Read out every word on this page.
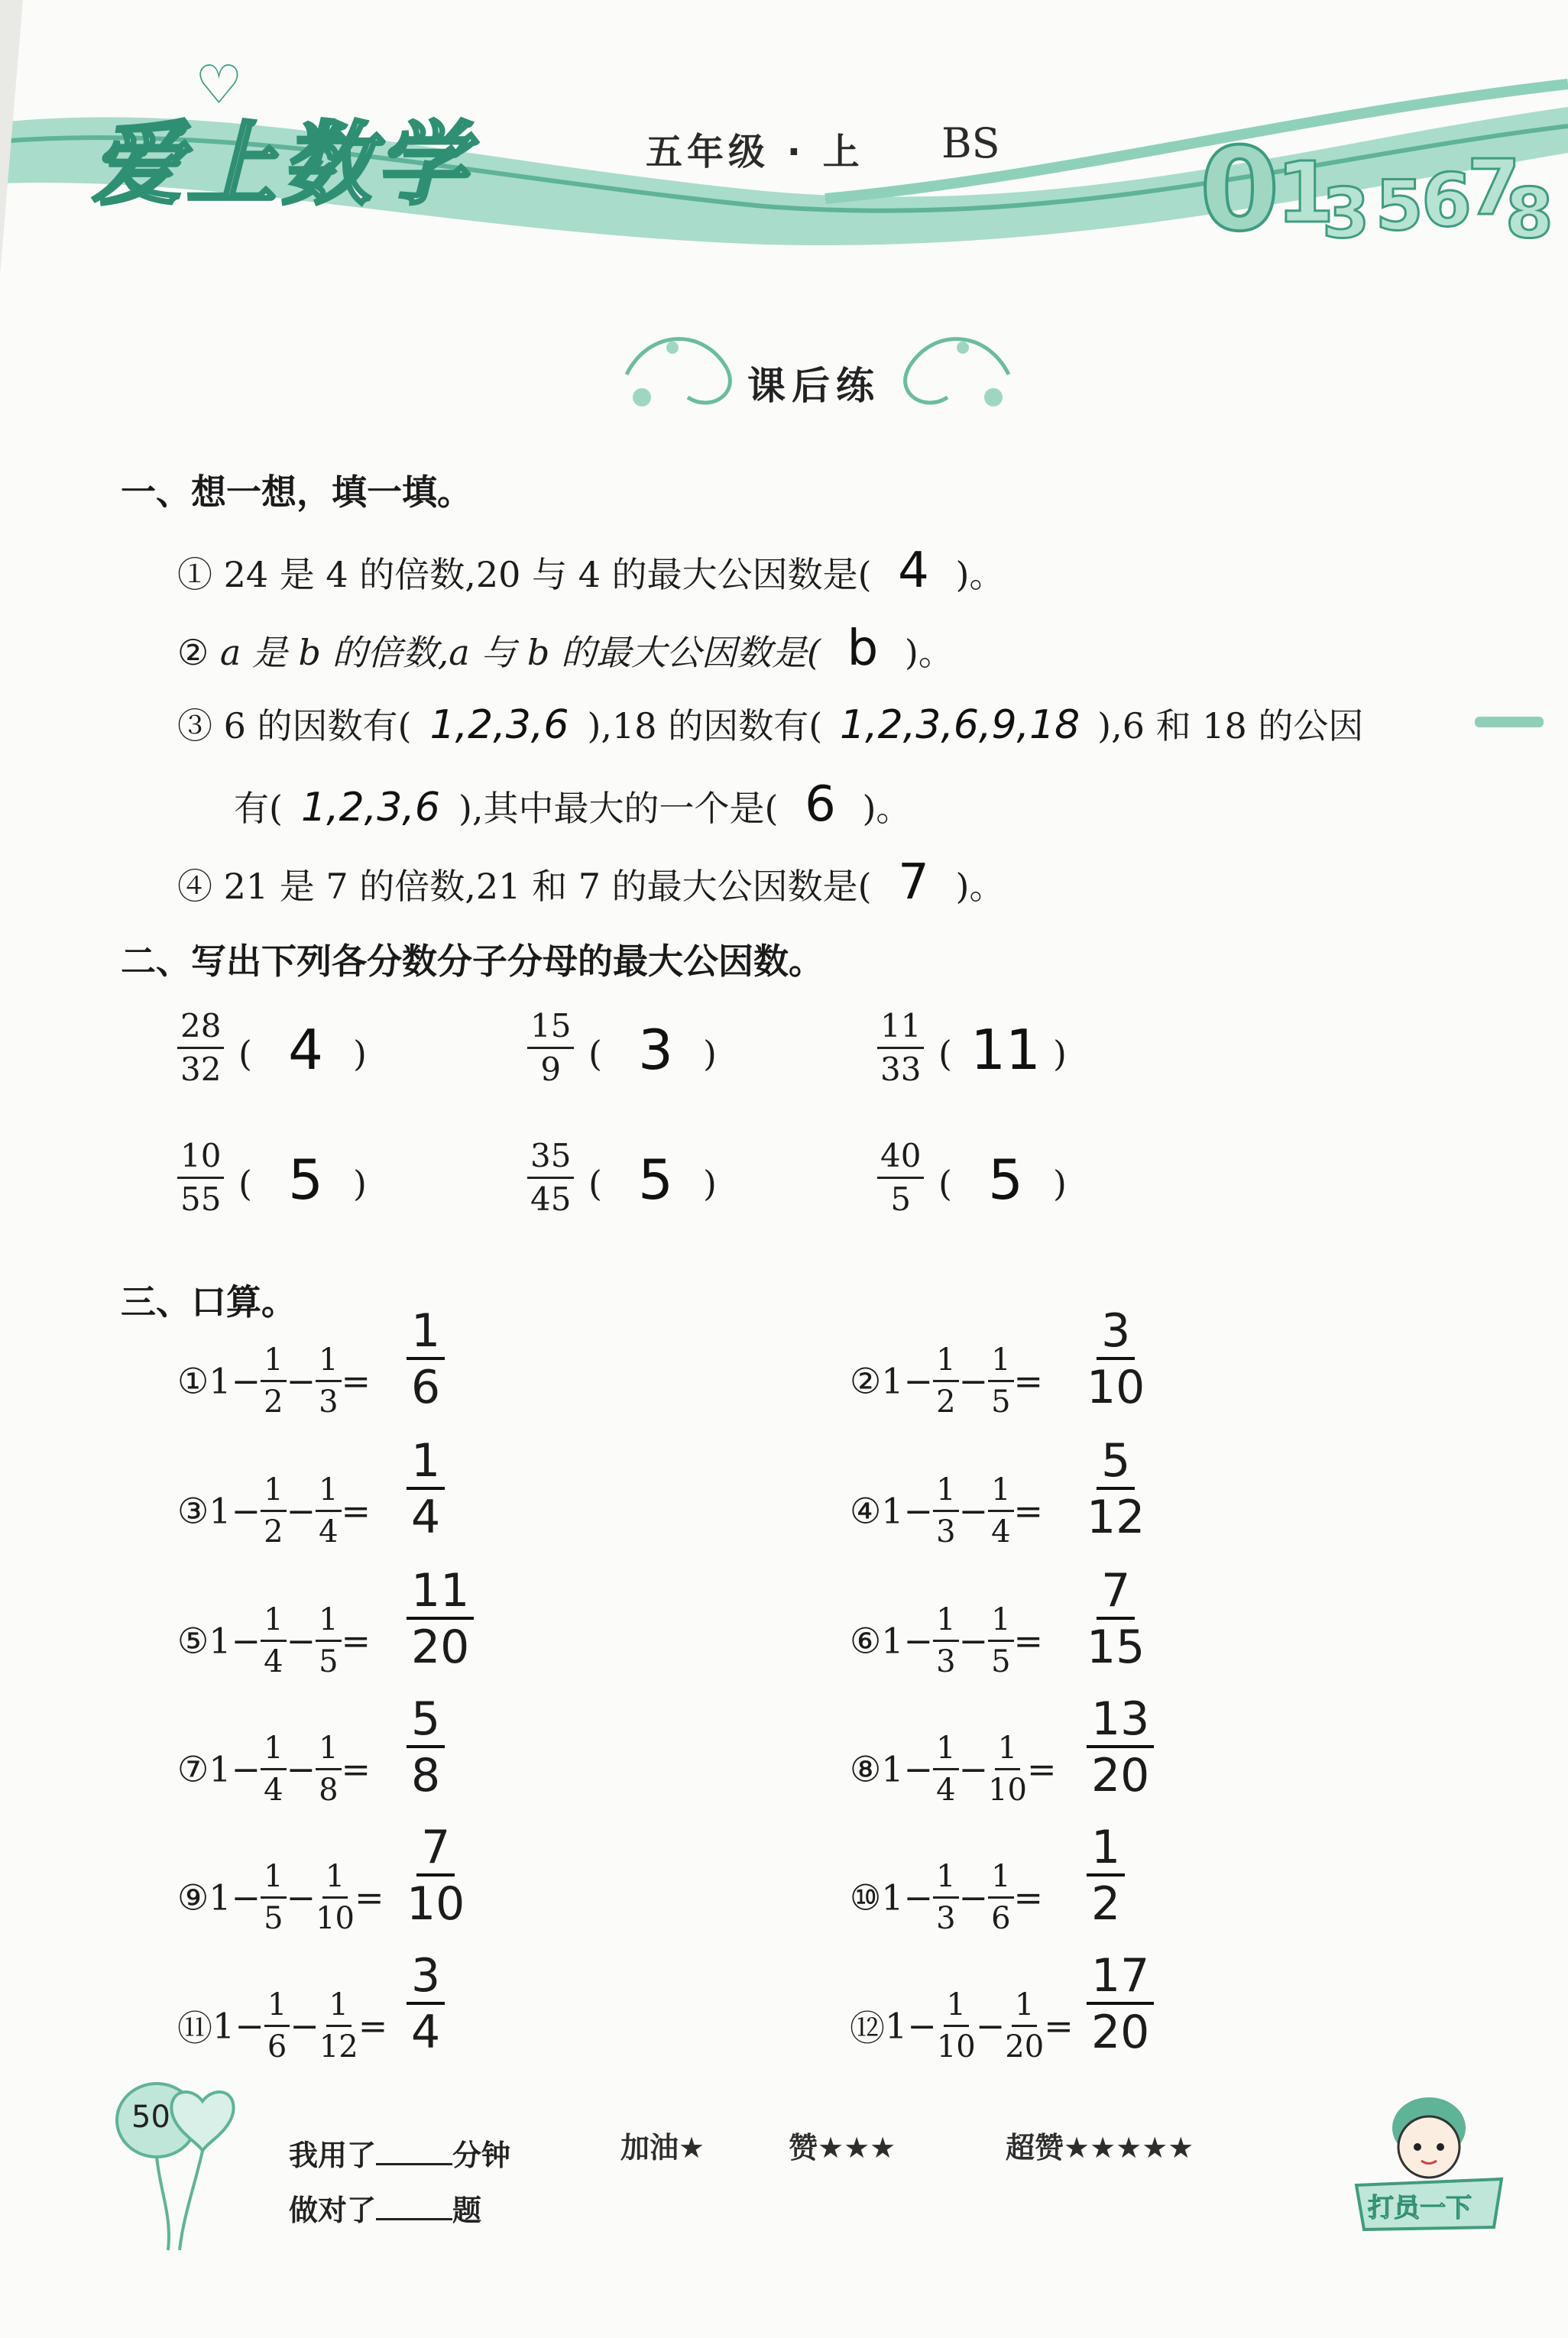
爱上数学
♡
五年级 · 上 BS 0
1
3 5
6
7
8
课后练
一、想一想，填一填。
① 24 是 4 的倍数,20 与 4 的最大公因数是( 4 )。
② a 是 b 的倍数,a 与 b 的最大公因数是( b )。
③ 6 的因数有( 1,2,3,6 ),18 的因数有( 1,2,3,6,9,18 ),6 和 18 的公因
有( 1,2,3,6 ),其中最大的一个是( 6 )。
④ 21 是 7 的倍数,21 和 7 的最大公因数是( 7 )。
二、写出下列各分数分子分母的最大公因数。
$\frac{28}{32}$ ( 4 )	$\frac{15}{9}$ ( 3 )	$\frac{11}{33}$ ( 11 )
$\frac{10}{55}$ ( 5 )	$\frac{35}{45}$ ( 5 )	$\frac{40}{5}$ ( 5 )
三、口算。
①1− $\frac{1}{2} - \frac{1}{3} = \frac{1}{6}$	②1− $\frac{1}{2} - \frac{1}{5} = \frac{3}{10}$
③1− $\frac{1}{2} - \frac{1}{4} = \frac{1}{4}$	④1− $\frac{1}{3} - \frac{1}{4} = \frac{5}{12}$
⑤1− $\frac{1}{4} - \frac{1}{5} = \frac{11}{20}$	⑥1− $\frac{1}{3} - \frac{1}{5} = \frac{7}{15}$
⑦1− $\frac{1}{4} - \frac{1}{8} = \frac{5}{8}$	⑧1− $\frac{1}{4} - \frac{1}{10} = \frac{13}{20}$
⑨1− $\frac{1}{5} - \frac{1}{10} = \frac{7}{10}$	⑩1− $\frac{1}{3} - \frac{1}{6} = \frac{1}{2}$
⑪1− $\frac{1}{6} - \frac{1}{12} = \frac{3}{4}$	⑫1− $\frac{1}{10} - \frac{1}{20} = \frac{17}{20}$
50
我用了	分钟
做对了	题
加油★	赞★★★	超赞★★★★★
打员一下
